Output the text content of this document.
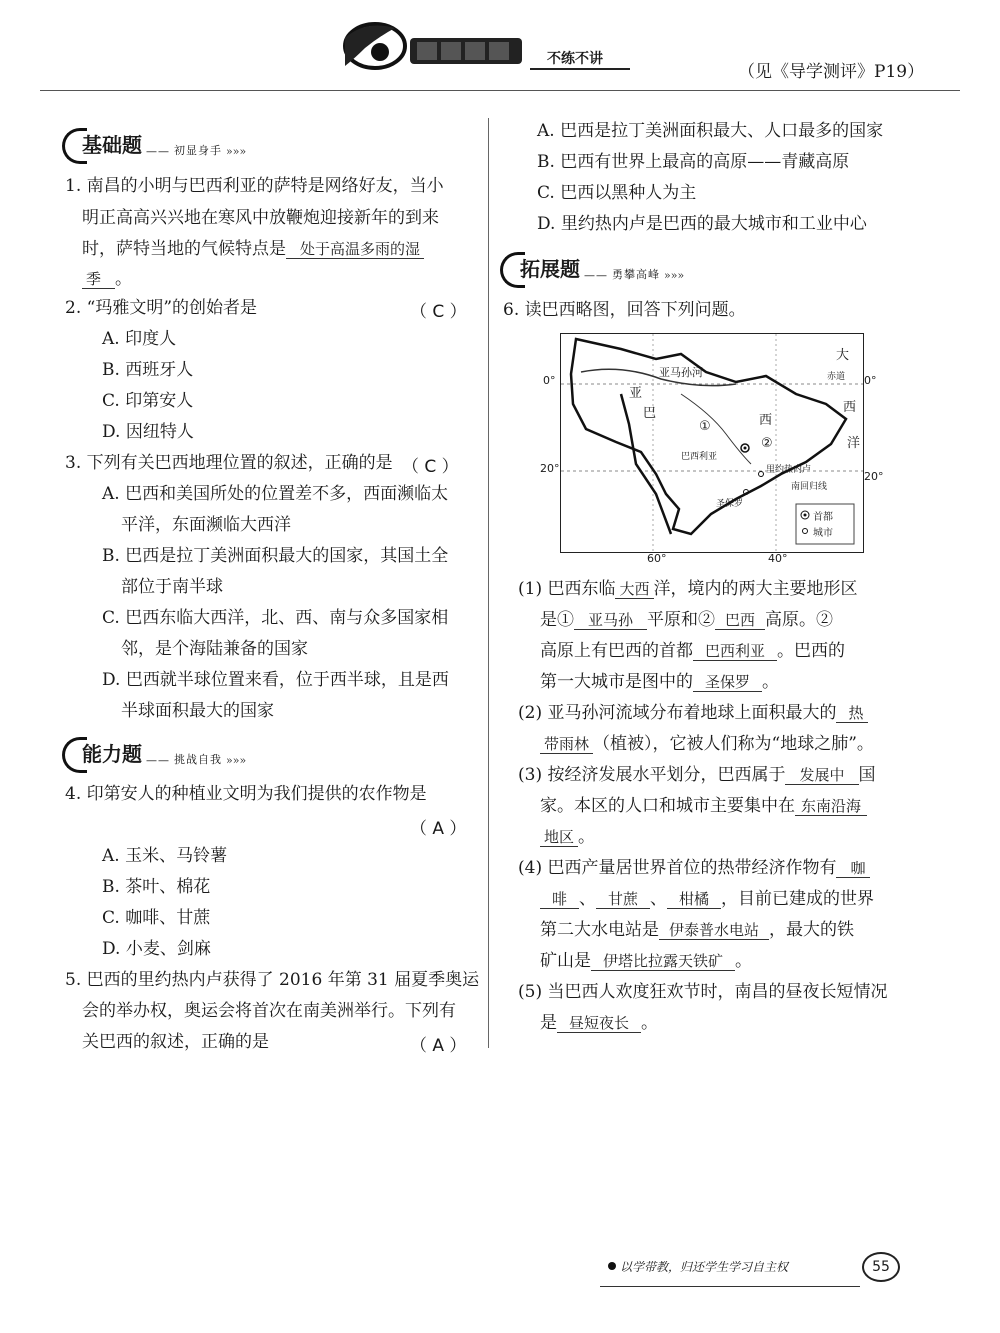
不练不讲
（见《导学测评》P19）
基础题 —— 初显身手 »»»
1. 南昌的小明与巴西利亚的萨特是网络好友，当小
明正高高兴兴地在寒风中放鞭炮迎接新年的到来
时，萨特当地的气候特点是 处于高温多雨的湿
季 。
2. “玛雅文明”的创始者是	（ C ）
A. 印度人
B. 西班牙人
C. 印第安人
D. 因纽特人
3. 下列有关巴西地理位置的叙述，正确的是 （ C ）
A. 巴西和美国所处的位置差不多，西面濒临太
平洋，东面濒临大西洋
B. 巴西是拉丁美洲面积最大的国家，其国土全
部位于南半球
C. 巴西东临大西洋，北、西、南与众多国家相
邻，是个海陆兼备的国家
D. 巴西就半球位置来看，位于西半球，且是西
半球面积最大的国家
能力题 —— 挑战自我 »»»
4. 印第安人的种植业文明为我们提供的农作物是
（ A ）
A. 玉米、马铃薯
B. 茶叶、棉花
C. 咖啡、甘蔗
D. 小麦、剑麻
5. 巴西的里约热内卢获得了 2016 年第 31 届夏季奥运
会的举办权，奥运会将首次在南美洲举行。下列有
关巴西的叙述，正确的是	（ A ）
A. 巴西是拉丁美洲面积最大、人口最多的国家
B. 巴西有世界上最高的高原——青藏高原
C. 巴西以黑种人为主
D. 里约热内卢是巴西的最大城市和工业中心
拓展题 —— 勇攀高峰 »»»
6. 读巴西略图，回答下列问题。
亚马孙河
大
西
洋
赤道
亚
巴	西
①
②
巴西利亚
里约热内卢
圣保罗
南回归线
首都
城市
0°	0°
20°
20°
60°	40°
(1) 巴西东临 大西 洋，境内的两大主要地形区
是① 亚马孙 平原和② 巴西 高原。②
高原上有巴西的首都 巴西利亚 。巴西的
第一大城市是图中的 圣保罗 。
(2) 亚马孙河流域分布着地球上面积最大的 热
带雨林 （植被），它被人们称为“地球之肺”。
(3) 按经济发展水平划分，巴西属于 发展中 国
家。本区的人口和城市主要集中在 东南沿海
地区 。
(4) 巴西产量居世界首位的热带经济作物有 咖
啡 、 甘蔗 、 柑橘 ，目前已建成的世界
第二大水电站是 伊泰普水电站 ，最大的铁
矿山是 伊塔比拉露天铁矿 。
(5) 当巴西人欢度狂欢节时，南昌的昼夜长短情况
是 昼短夜长 。
以学带教，归还学生学习自主权	55
